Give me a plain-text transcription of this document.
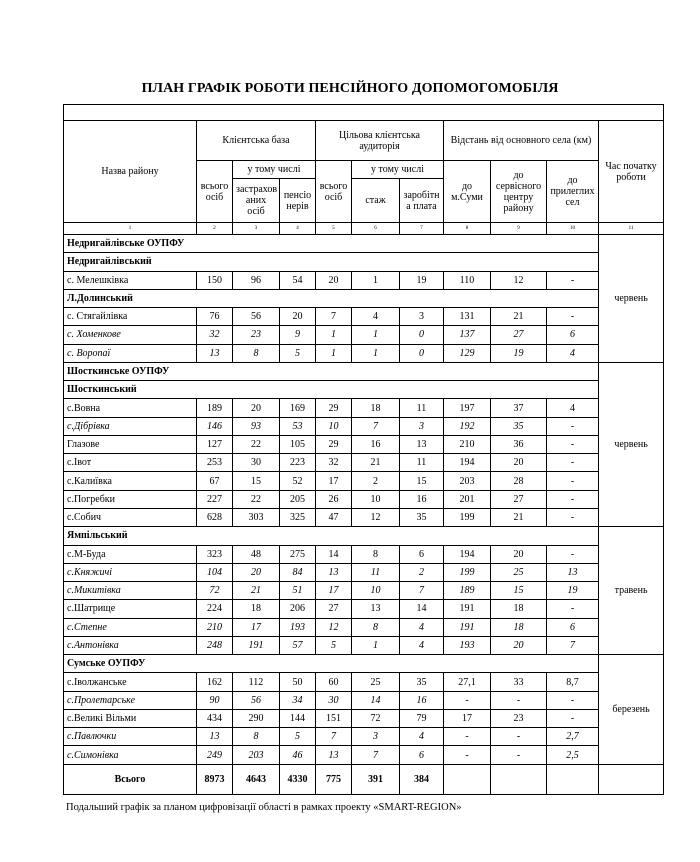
ПЛАН ГРАФІК РОБОТИ ПЕНСІЙНОГО ДОПОМОГОМОБІЛЯ

Назва району	Клієнтська база			Цільова клієнтська аудиторія			Відстань від основного села (км)			Час початку роботи
	всього осіб	у тому числі		всього осіб	у тому числі		до м.Суми	до сервісного центру району	до прилеглих сел	
		застрахов аних осіб	пенсіо нерів		стаж	заробітн а плата				
1	2	3	4	5	6	7	8	9	10	11
Недригайлівське ОУПФУ										червень
Недригайлівський										
с. Мелешківка	150	96	54	20	1	19	110	12	-	
Л.Долинський										
с. Стягайлівка	76	56	20	7	4	3	131	21	-	
с. Хоменкове	32	23	9	1	1	0	137	27	6	
с. Воропаї	13	8	5	1	1	0	129	19	4	
Шосткинське ОУПФУ										червень
Шосткинський										
с.Вовна	189	20	169	29	18	11	197	37	4	
с.Дібрівка	146	93	53	10	7	3	192	35	-	
Глазове	127	22	105	29	16	13	210	36	-	
с.Івот	253	30	223	32	21	11	194	20	-	
с.Калиївка	67	15	52	17	2	15	203	28	-	
с.Погребки	227	22	205	26	10	16	201	27	-	
с.Собич	628	303	325	47	12	35	199	21	-	
Ямпільський										травень
с.М-Буда	323	48	275	14	8	6	194	20	-	
с.Княжичі	104	20	84	13	11	2	199	25	13	
с.Микитівка	72	21	51	17	10	7	189	15	19	
с.Шатрище	224	18	206	27	13	14	191	18	-	
с.Степне	210	17	193	12	8	4	191	18	6	
с.Антонівка	248	191	57	5	1	4	193	20	7	
Сумське ОУПФУ										березень
с.Іволжанське	162	112	50	60	25	35	27,1	33	8,7	
с.Пролетарське	90	56	34	30	14	16	-	-	-	
с.Великі Вільми	434	290	144	151	72	79	17	23	-	
с.Павлючки	13	8	5	7	3	4	-	-	2,7	
с.Симонівка	249	203	46	13	7	6	-	-	2,5	
Всього	8973	4643	4330	775	391	384				
Подальший графік за планом цифровізації області в рамках проекту «SMART-REGION»
